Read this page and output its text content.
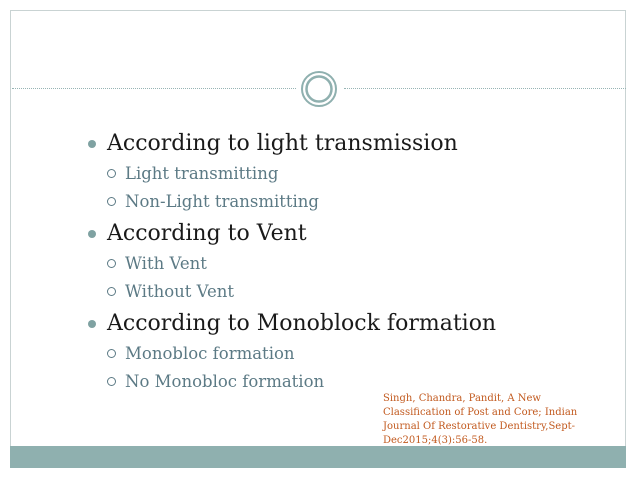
According to light transmission
Light transmitting
Non-Light transmitting
According to Vent
With Vent
Without Vent
According to Monoblock formation
Monobloc formation
No Monobloc formation
Singh, Chandra, Pandit, A New Classification of Post and Core; Indian Journal Of Restorative Dentistry,Sept-Dec2015;4(3):56-58.
